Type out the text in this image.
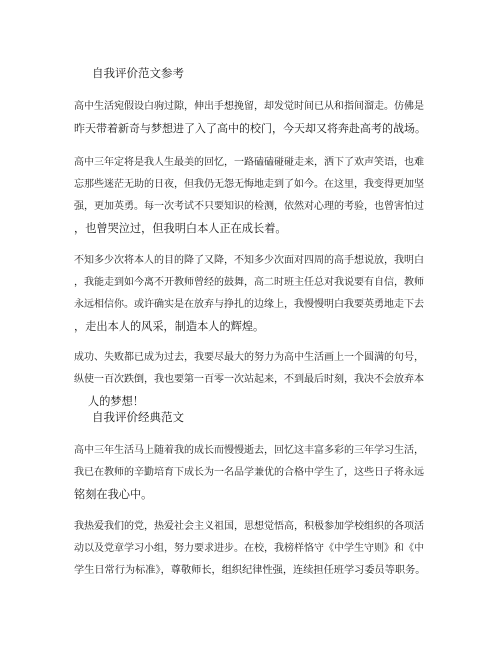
自我评价范文参考

高中生活宛假设白驹过隙，伸出手想挽留，却发觉时间已从和指间溜走。仿佛是
昨天带着新奇与梦想进了入了高中的校门，今天却又将奔赴高考的战场。

高中三年定将是我人生最美的回忆，一路磕磕碰碰走来，洒下了欢声笑语，也难
忘那些迷茫无助的日夜，但我仍无怨无悔地走到了如今。在这里，我变得更加坚
强，更加英勇。每一次考试不只要知识的检测，依然对心理的考验，也曾害怕过
，也曾哭泣过，但我明白本人正在成长着。

不知多少次将本人的目的降了又降，不知多少次面对四周的高手想说放，我明白
，我能走到如今离不开教师曾经的鼓舞，高二时班主任总对我说要有自信，教师
永远相信你。或许确实是在放弃与挣扎的边缘上，我慢慢明白我要英勇地走下去
，走出本人的风采，制造本人的辉煌。

成功、失败都已成为过去，我要尽最大的努力为高中生活画上一个圆满的句号，
纵使一百次跌倒，我也要第一百零一次站起来，不到最后时刻，我决不会放弃本
人的梦想！

自我评价经典范文

高中三年生活马上随着我的成长而慢慢逝去，回忆这丰富多彩的三年学习生活，
我已在教师的辛勤培育下成长为一名品学兼优的合格中学生了，这些日子将永远
铭刻在我心中。

我热爱我们的党，热爱社会主义祖国，思想觉悟高，积极参加学校组织的各项活
动以及党章学习小组，努力要求进步。在校，我榜样恪守《中学生守则》和《中
学生日常行为标准》，尊敬师长，组织纪律性强，连续担任班学习委员等职务。
